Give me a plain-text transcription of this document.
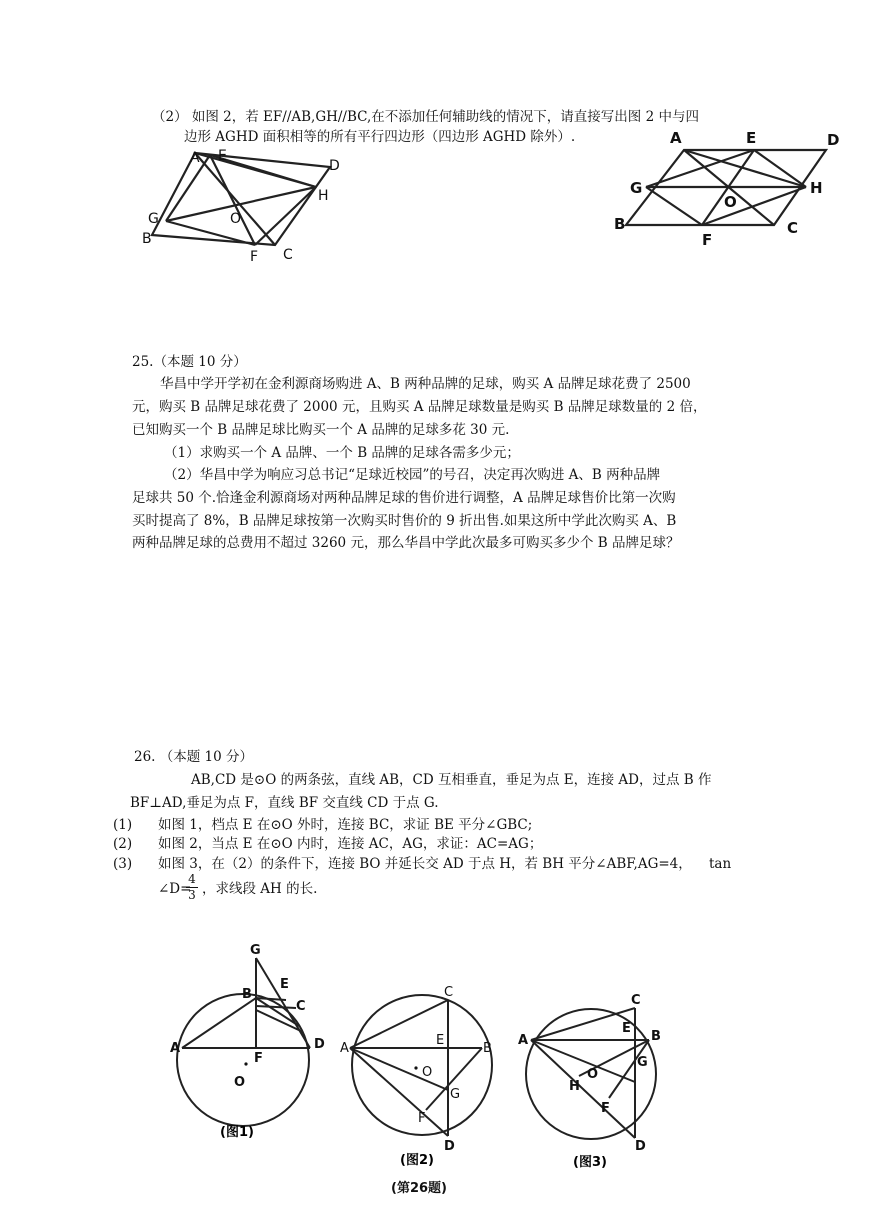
（2） 如图 2，若 EF//AB,GH//BC,在不添加任何辅助线的情况下，请直接写出图 2 中与四
边形 AGHD 面积相等的所有平行四边形（四边形 AGHD 除外）.
A E
D
H
G	O
B
F C
A	E	D
G
O
H
B
F
C
25.（本题 10 分）
华昌中学开学初在金利源商场购进 A、B 两种品牌的足球，购买 A 品牌足球花费了 2500
元，购买 B 品牌足球花费了 2000 元，且购买 A 品牌足球数量是购买 B 品牌足球数量的 2 倍，
已知购买一个 B 品牌足球比购买一个 A 品牌的足球多花 30 元.
（1）求购买一个 A 品牌、一个 B 品牌的足球各需多少元；
（2）华昌中学为响应习总书记“足球近校园”的号召，决定再次购进 A、B 两种品牌
足球共 50 个.恰逢金利源商场对两种品牌足球的售价进行调整，A 品牌足球售价比第一次购
买时提高了 8%，B 品牌足球按第一次购买时售价的 9 折出售.如果这所中学此次购买 A、B
两种品牌足球的总费用不超过 3260 元，那么华昌中学此次最多可购买多少个 B 品牌足球？
26. （本题 10 分）
AB,CD 是⊙O 的两条弦，直线 AB，CD 互相垂直，垂足为点 E，连接 AD，过点 B 作
BF⊥AD,垂足为点 F，直线 BF 交直线 CD 于点 G.
(1) 如图 1，档点 E 在⊙O 外时，连接 BC，求证 BE 平分∠GBC;
(2) 如图 2，当点 E 在⊙O 内时，连接 AC，AG，求证：AC=AG；
(3) 如图 3，在（2）的条件下，连接 BO 并延长交 AD 于点 H，若 BH 平分∠ABF,AG=4， tan
∠D=
$\frac{4}{3}$ ，求线段 AH 的长.
G
E
B
C
A
F
D
O
(图1)
C
A
E
B
O
G
F
D
(图2)
C
E
B
A
G
O
H
F
D
(图3)
(第26题)
